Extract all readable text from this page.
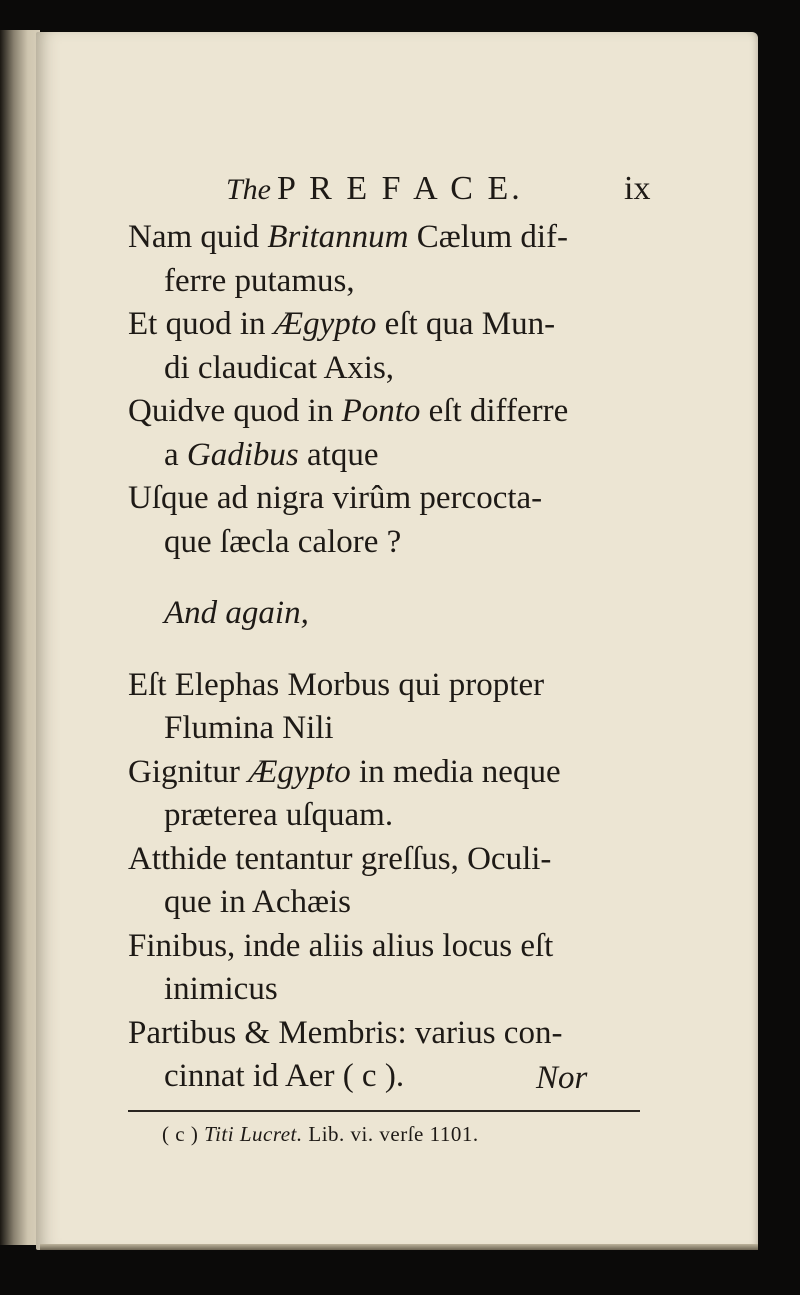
The P R E F A C E.	ix
Nam quid Britannum Cælum dif-
ferre putamus,
Et quod in Ægypto eſt qua Mun-
di claudicat Axis,
Quidve quod in Ponto eſt differre
a Gadibus atque
Uſque ad nigra virûm percocta-
que ſæcla calore ?
And again,
Eſt Elephas Morbus qui propter
Flumina Nili
Gignitur Ægypto in media neque
præterea uſquam.
Atthide tentantur greſſus, Oculi-
que in Achæis
Finibus, inde aliis alius locus eſt
inimicus
Partibus & Membris: varius con-
cinnat id Aer ( c ).	Nor
( c ) Titi Lucret. Lib. vi. verſe 1101.
